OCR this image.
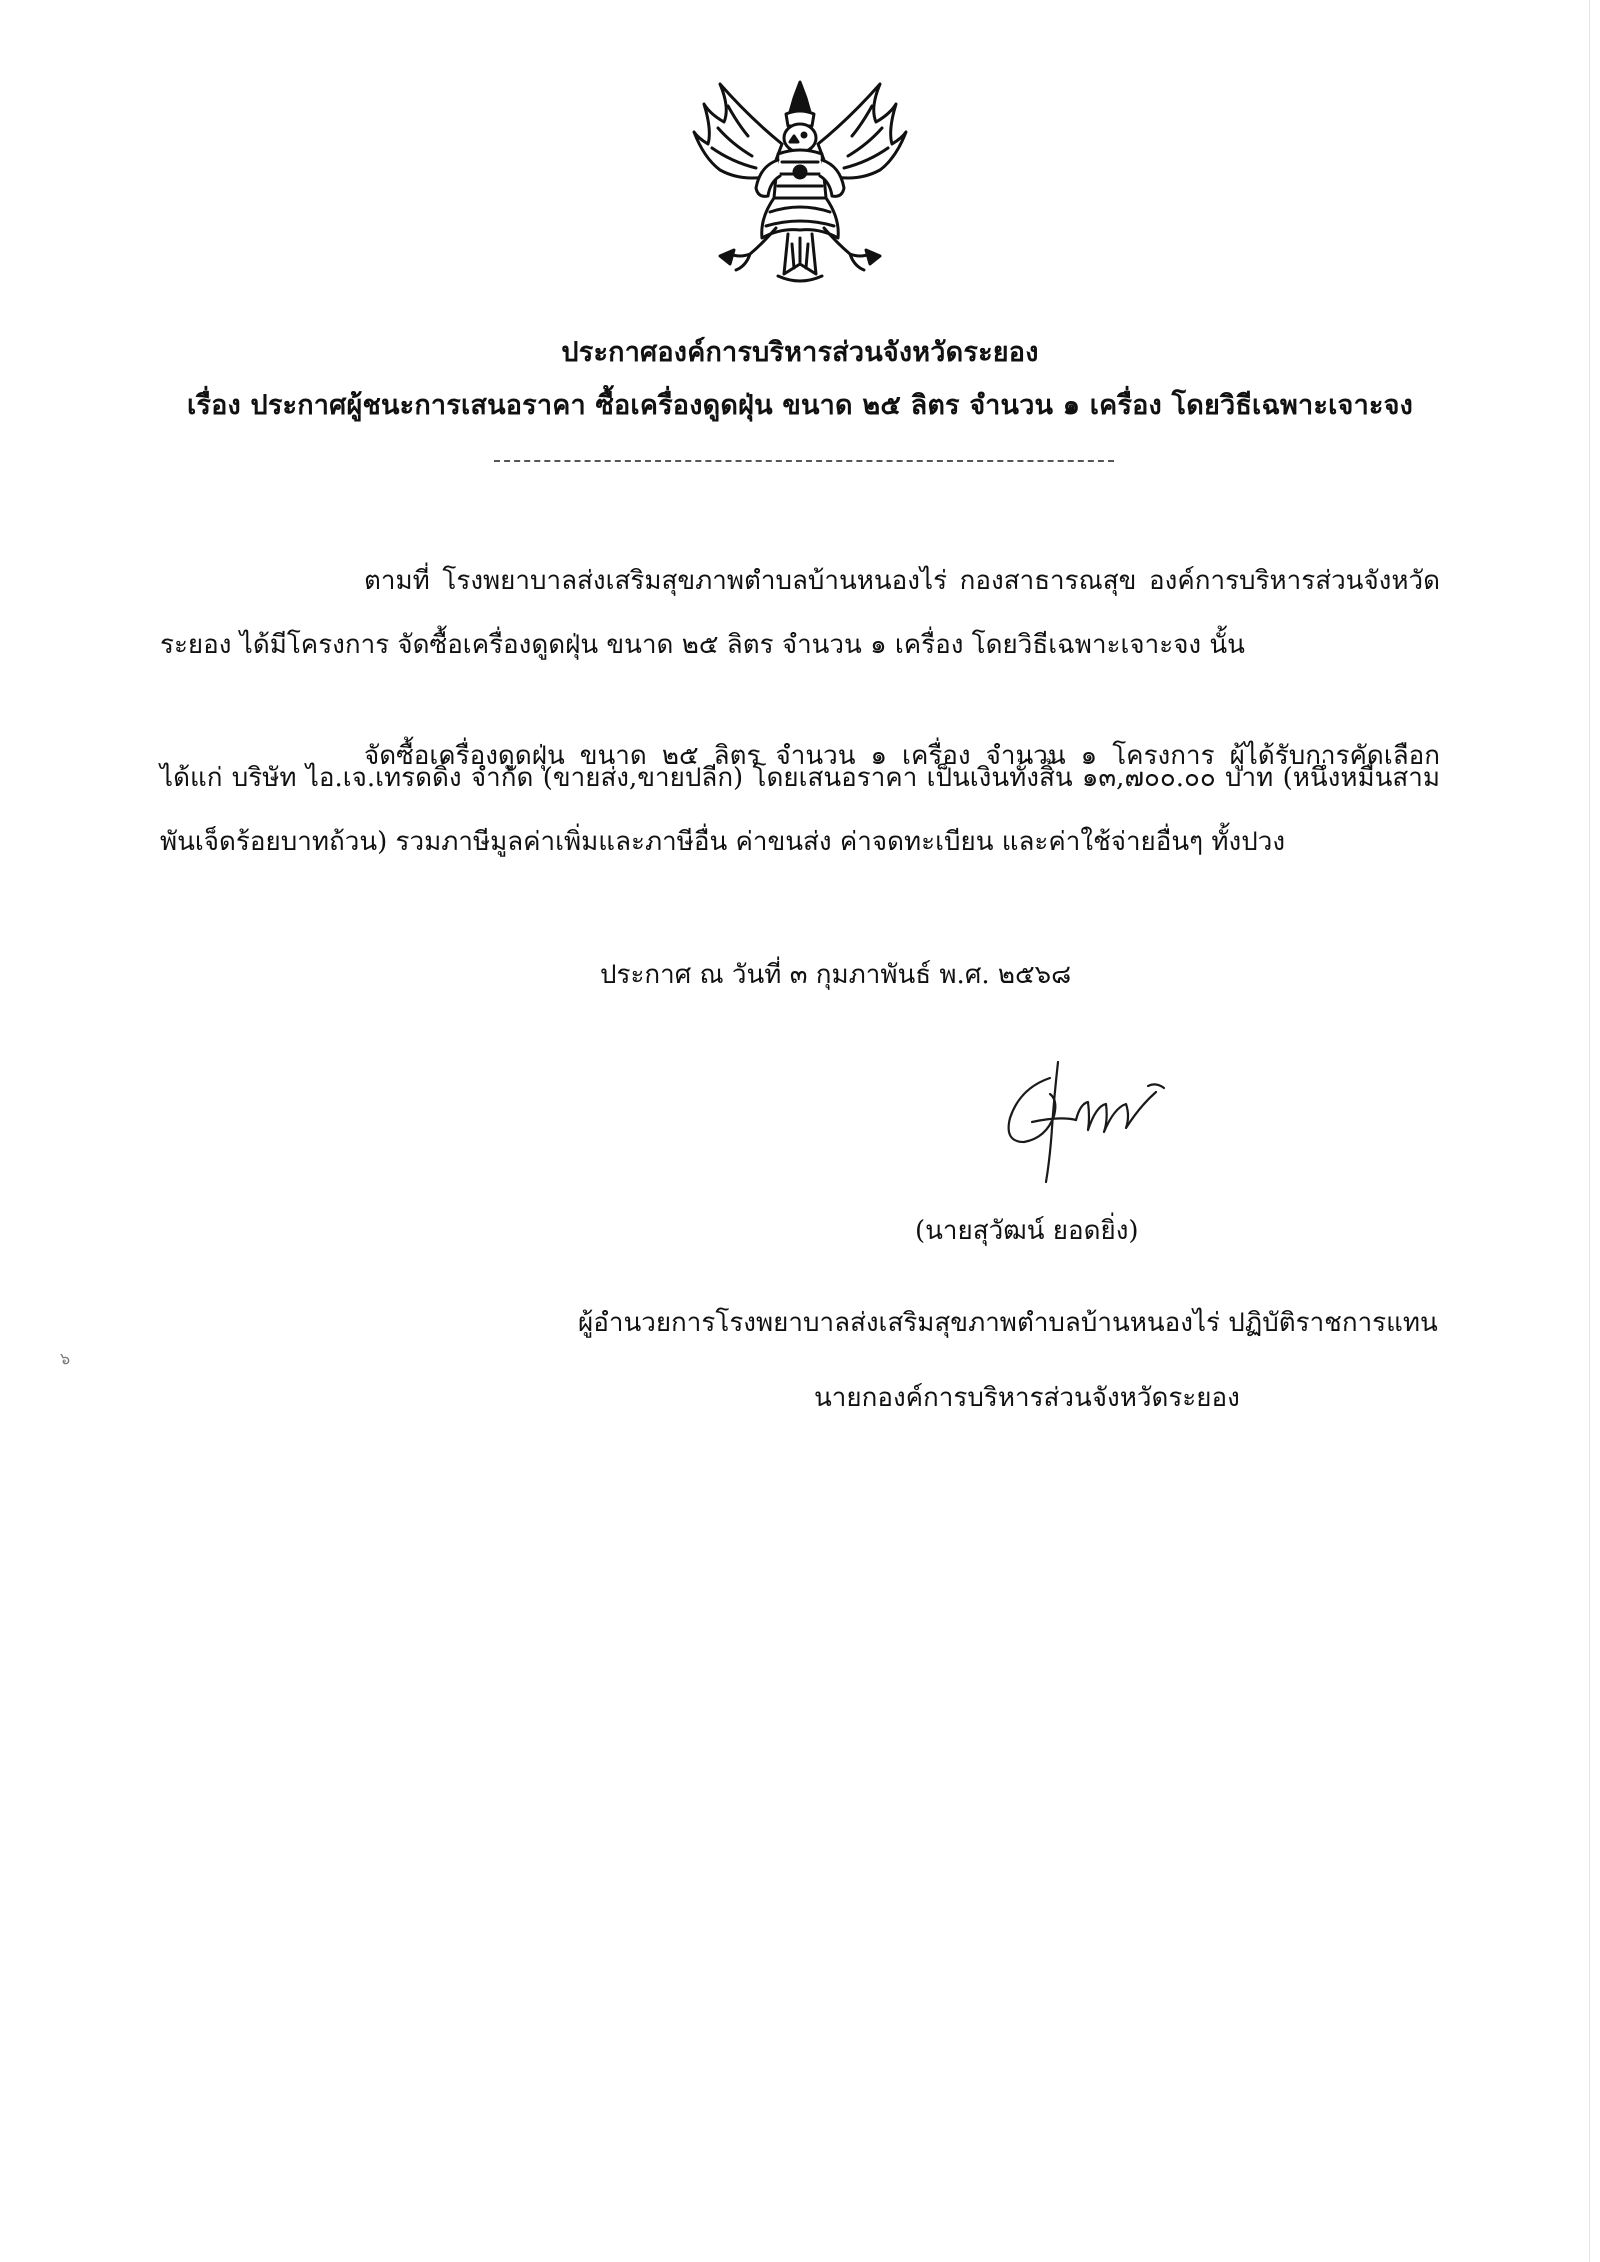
ประกาศองค์การบริหารส่วนจังหวัดระยอง
เรื่อง ประกาศผู้ชนะการเสนอราคา ซื้อเครื่องดูดฝุ่น ขนาด ๒๕ ลิตร จำนวน ๑ เครื่อง โดยวิธีเฉพาะเจาะจง
ตามที่ โรงพยาบาลส่งเสริมสุขภาพตำบลบ้านหนองไร่ กองสาธารณสุข องค์การบริหารส่วนจังหวัด
ระยอง ได้มีโครงการ จัดซื้อเครื่องดูดฝุ่น ขนาด ๒๕ ลิตร จำนวน ๑ เครื่อง โดยวิธีเฉพาะเจาะจง นั้น
จัดซื้อเครื่องดูดฝุ่น ขนาด ๒๕ ลิตร จำนวน ๑ เครื่อง จำนวน ๑ โครงการ ผู้ได้รับการคัดเลือก
ได้แก่ บริษัท ไอ.เจ.เทรดดิ้ง จำกัด (ขายส่ง,ขายปลีก) โดยเสนอราคา เป็นเงินทั้งสิ้น ๑๓,๗๐๐.๐๐ บาท (หนึ่งหมื่นสาม
พันเจ็ดร้อยบาทถ้วน) รวมภาษีมูลค่าเพิ่มและภาษีอื่น ค่าขนส่ง ค่าจดทะเบียน และค่าใช้จ่ายอื่นๆ ทั้งปวง
ประกาศ ณ วันที่ ๓ กุมภาพันธ์ พ.ศ. ๒๕๖๘
(นายสุวัฒน์ ยอดยิ่ง)
ผู้อำนวยการโรงพยาบาลส่งเสริมสุขภาพตำบลบ้านหนองไร่ ปฏิบัติราชการแทน
นายกองค์การบริหารส่วนจังหวัดระยอง
๖
